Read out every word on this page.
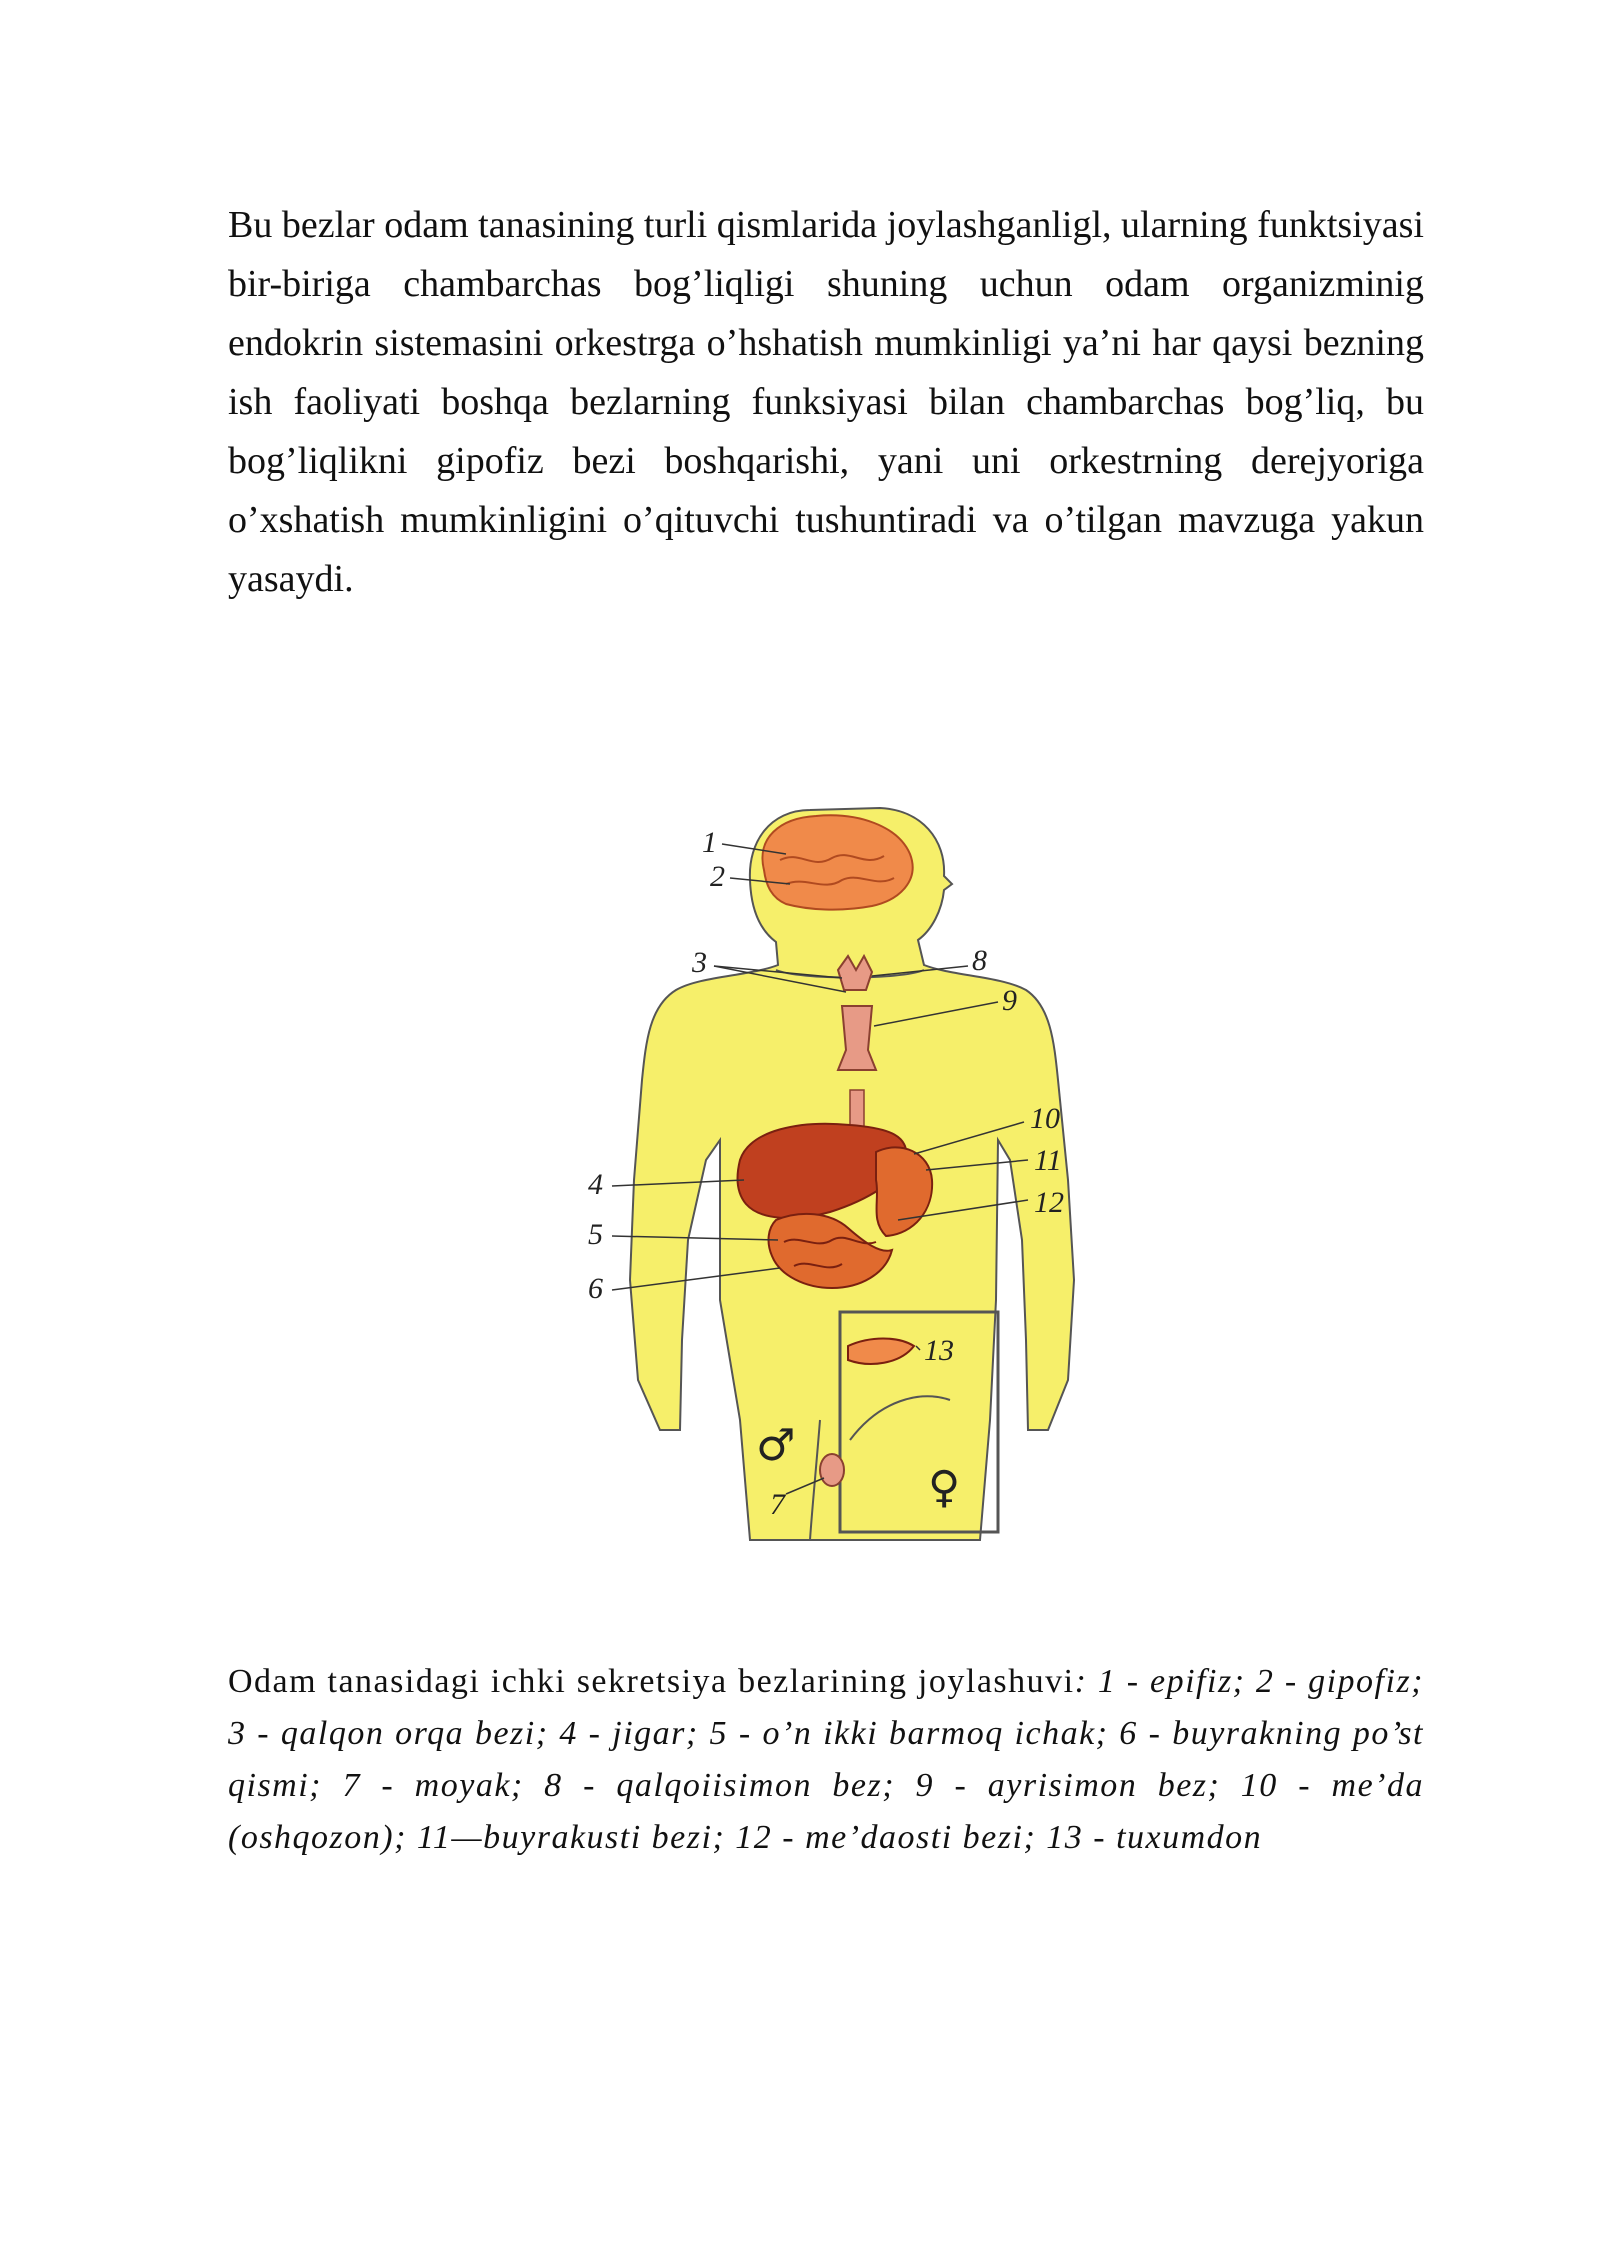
Bu bezlar odam tanasining turli qismlarida joylashganligl, ularning funktsiyasi bir-biriga chambarchas bog’liqligi shuning uchun odam organizminig endokrin sistemasini orkestrga o’hshatish mumkinligi ya’ni har qaysi bezning ish faoliyati boshqa bezlarning funksiyasi bilan chambarchas bog’liq, bu bog’liqlikni gipofiz bezi boshqarishi, yani uni orkestrning derejyoriga o’xshatish mumkinligini o’qituvchi tushuntiradi va o’tilgan mavzuga yakun yasaydi.

1
2
3
4
5
6
7
8
9
10
11
12
13
♂
♀

Odam tanasidagi ichki sekretsiya bezlarining joylashuvi: 1 - epifiz; 2 - gipofiz; 3 - qalqon orqa bezi; 4 - jigar; 5 - o’n ikki barmoq ichak; 6 - buyrakning po’st qismi; 7 - moyak; 8 - qalqoiisimon bez; 9 - ayrisimon bez; 10 - me’da (oshqozon); 11—buyrakusti bezi; 12 - me’daosti bezi; 13 - tuxumdon
